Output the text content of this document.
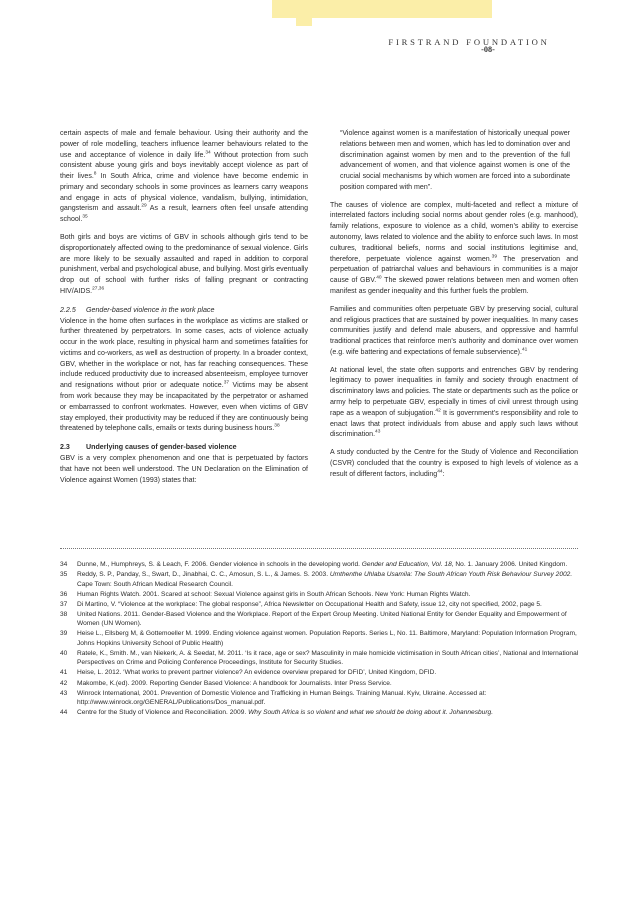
FIRSTRAND FOUNDATION
-08-

certain aspects of male and female behaviour. Using their authority and the power of role modelling, teachers influence learner behaviours related to the use and acceptance of violence in daily life.$^{34}$ Without protection from such consistent abuse young girls and boys inevitably accept violence as part of their lives.$^8$ In South Africa, crime and violence have become endemic in primary and secondary schools in some provinces as learners carry weapons and engage in acts of physical violence, vandalism, bullying, intimidation, gangsterism and assault.$^{29}$ As a result, learners often feel unsafe attending school.$^{35}$

Both girls and boys are victims of GBV in schools although girls tend to be disproportionately affected owing to the predominance of sexual violence. Girls are more likely to be sexually assaulted and raped in addition to corporal punishment, verbal and psychological abuse, and bullying. Most girls eventually drop out of school with further risks of falling pregnant or contracting HIV/AIDS.$^{27,36}$

2.2.5 Gender-based violence in the work place

Violence in the home often surfaces in the workplace as victims are stalked or further threatened by perpetrators. In some cases, acts of violence actually occur in the work place, resulting in physical harm and sometimes fatalities for victims and co-workers, as well as destruction of property. In a broader context, GBV, whether in the workplace or not, has far reaching consequences. These include reduced productivity due to increased absenteeism, employee turnover and resignations without prior or adequate notice.$^{37}$ Victims may be absent from work because they may be incapacitated by the perpetrator or ashamed or embarrassed to confront workmates. However, even when victims of GBV stay employed, their productivity may be reduced if they are continuously being threatened by telephone calls, emails or texts during business hours.$^{38}$

2.3 Underlying causes of gender-based violence

GBV is a very complex phenomenon and one that is perpetuated by factors that have not been well understood. The UN Declaration on the Elimination of Violence against Women (1993) states that:

“Violence against women is a manifestation of historically unequal power relations between men and women, which has led to domination over and discrimination against women by men and to the prevention of the full advancement of women, and that violence against women is one of the crucial social mechanisms by which women are forced into a subordinate position compared with men”.

The causes of violence are complex, multi-faceted and reflect a mixture of interrelated factors including social norms about gender roles (e.g. manhood), family relations, exposure to violence as a child, women’s ability to exercise autonomy, laws related to violence and the ability to enforce such laws. In most cultures, traditional beliefs, norms and social institutions legitimise and, therefore, perpetuate violence against women.$^{39}$ The preservation and perpetuation of patriarchal values and behaviours in communities is a major cause of GBV.$^{40}$ The skewed power relations between men and women often manifest as gender inequality and this further fuels the problem.

Families and communities often perpetuate GBV by preserving social, cultural and religious practices that are sustained by power inequalities. In many cases communities justify and defend male abusers, and oppressive and harmful traditional practices that reinforce men’s authority and dominance over women (e.g. wife battering and expectations of female subservience).$^{41}$

At national level, the state often supports and entrenches GBV by rendering legitimacy to power inequalities in family and society through enactment of discriminatory laws and policies. The state or departments such as the police or army help to perpetuate GBV, especially in times of civil unrest through using rape as a weapon of subjugation.$^{42}$ It is government’s responsibility and role to enact laws that protect individuals from abuse and apply such laws without discrimination.$^{43}$

A study conducted by the Centre for the Study of Violence and Reconciliation (CSVR) concluded that the country is exposed to high levels of violence as a result of different factors, including$^{44}$:

34	Dunne, M., Humphreys, S. & Leach, F. 2006. Gender violence in schools in the developing world. Gender and Education, Vol. 18, No. 1. January 2006. United Kingdom.
35	Reddy, S. P., Panday, S., Swart, D., Jinabhai, C. C., Amosun, S. L., & James. S. 2003. Umthenthe Uhlaba Usamila: The South African Youth Risk Behaviour Survey 2002. Cape Town: South African Medical Research Council.
36	Human Rights Watch. 2001. Scared at school: Sexual Violence against girls in South African Schools. New York: Human Rights Watch.
37	Di Martino, V. “Violence at the workplace: The global response”, Africa Newsletter on Occupational Health and Safety, issue 12, city not specified, 2002, page 5.
38	United Nations. 2011. Gender-Based Violence and the Workplace. Report of the Expert Group Meeting. United National Entity for Gender Equality and Empowerment of Women (UN Women).
39	Heise L., Ellsberg M, & Gottemoeller M. 1999. Ending violence against women. Population Reports. Series L, No. 11. Baltimore, Maryland: Population Information Program, Johns Hopkins University School of Public Health)
40	Ratele, K., Smith. M., van Niekerk, A. & Seedat, M. 2011. ‘Is it race, age or sex? Masculinity in male homicide victimisation in South African cities’, National and International Perspectives on Crime and Policing Conference Proceedings, Institute for Security Studies.
41	Heise, L. 2012. ‘What works to prevent partner violence? An evidence overview prepared for DFID’, United Kingdom, DFID.
42	Makombe, K.(ed). 2009. Reporting Gender Based Violence: A handbook for Journalists. Inter Press Service.
43	Winrock International, 2001. Prevention of Domestic Violence and Trafficking in Human Beings. Training Manual. Kyiv, Ukraine. Accessed at: http://www.winrock.org/GENERAL/Publications/Dos_manual.pdf.
44	Centre for the Study of Violence and Reconciliation. 2009. Why South Africa is so violent and what we should be doing about it. Johannesburg.
